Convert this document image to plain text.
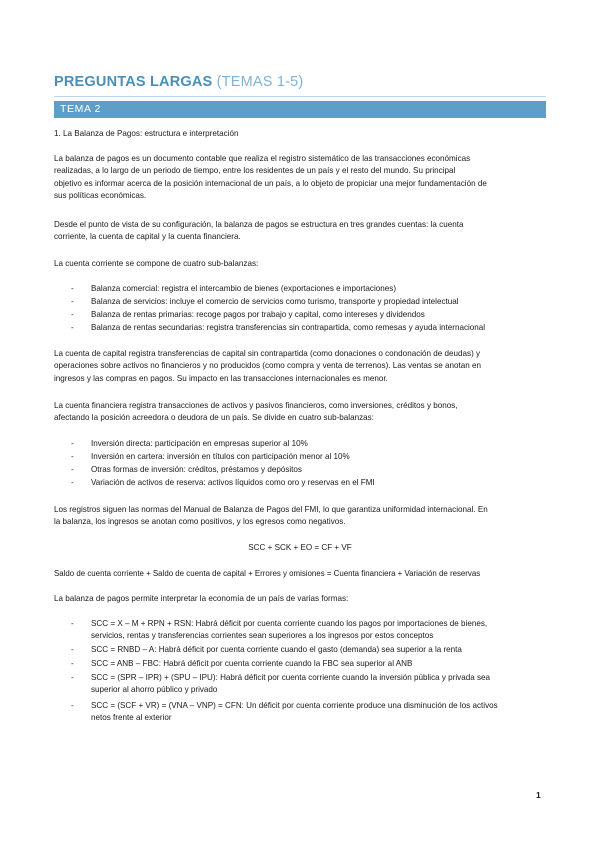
PREGUNTAS LARGAS (TEMAS 1-5)
TEMA 2
1. La Balanza de Pagos: estructura e interpretación
La balanza de pagos es un documento contable que realiza el registro sistemático de las transacciones económicas
realizadas, a lo largo de un periodo de tiempo, entre los residentes de un país y el resto del mundo. Su principal
objetivo es informar acerca de la posición internacional de un país, a lo objeto de propiciar una mejor fundamentación de
sus políticas económicas.
Desde el punto de vista de su configuración, la balanza de pagos se estructura en tres grandes cuentas: la cuenta
corriente, la cuenta de capital y la cuenta financiera.
La cuenta corriente se compone de cuatro sub-balanzas:
- Balanza comercial: registra el intercambio de bienes (exportaciones e importaciones)
- Balanza de servicios: incluye el comercio de servicios como turismo, transporte y propiedad intelectual
- Balanza de rentas primarias: recoge pagos por trabajo y capital, como intereses y dividendos
- Balanza de rentas secundarias: registra transferencias sin contrapartida, como remesas y ayuda internacional
La cuenta de capital registra transferencias de capital sin contrapartida (como donaciones o condonación de deudas) y
operaciones sobre activos no financieros y no producidos (como compra y venta de terrenos). Las ventas se anotan en
ingresos y las compras en pagos. Su impacto en las transacciones internacionales es menor.
La cuenta financiera registra transacciones de activos y pasivos financieros, como inversiones, créditos y bonos,
afectando la posición acreedora o deudora de un país. Se divide en cuatro sub-balanzas:
- Inversión directa: participación en empresas superior al 10%
- Inversión en cartera: inversión en títulos con participación menor al 10%
- Otras formas de inversión: créditos, préstamos y depósitos
- Variación de activos de reserva: activos líquidos como oro y reservas en el FMI
Los registros siguen las normas del Manual de Balanza de Pagos del FMI, lo que garantiza uniformidad internacional. En
la balanza, los ingresos se anotan como positivos, y los egresos como negativos.
SCC + SCK + EO = CF + VF
Saldo de cuenta corriente + Saldo de cuenta de capital + Errores y omisiones = Cuenta financiera + Variación de reservas
La balanza de pagos permite interpretar la economía de un país de varias formas:
- SCC = X – M + RPN + RSN: Habrá déficit por cuenta corriente cuando los pagos por importaciones de bienes,
servicios, rentas y transferencias corrientes sean superiores a los ingresos por estos conceptos
- SCC = RNBD – A: Habrá déficit por cuenta corriente cuando el gasto (demanda) sea superior a la renta
- SCC = ANB – FBC: Habrá déficit por cuenta corriente cuando la FBC sea superior al ANB
- SCC = (SPR – IPR) + (SPU – IPU): Habrá déficit por cuenta corriente cuando la inversión pública y privada sea
superior al ahorro público y privado
- SCC = (SCF + VR) = (VNA – VNP) = CFN: Un déficit por cuenta corriente produce una disminución de los activos
netos frente al exterior
1
